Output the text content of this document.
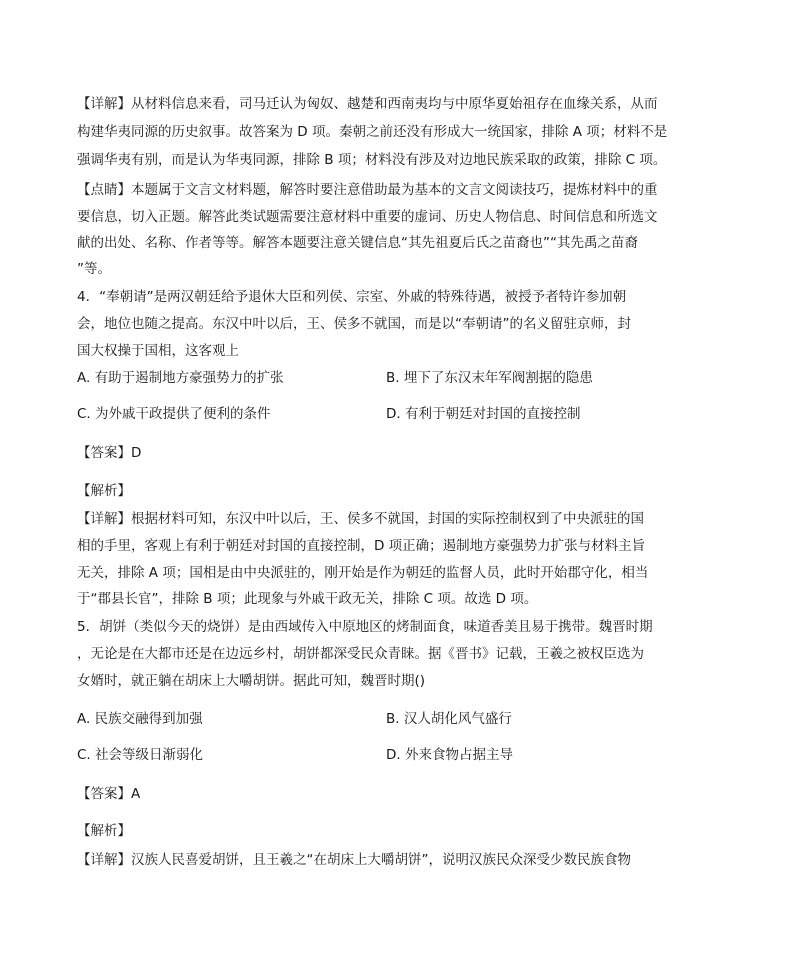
【详解】从材料信息来看，司马迁认为匈奴、越楚和西南夷均与中原华夏始祖存在血缘关系，从而
构建华夷同源的历史叙事。故答案为 D 项。秦朝之前还没有形成大一统国家，排除 A 项；材料不是
强调华夷有别，而是认为华夷同源，排除 B 项；材料没有涉及对边地民族采取的政策，排除 C 项。
【点睛】本题属于文言文材料题，解答时要注意借助最为基本的文言文阅读技巧，提炼材料中的重
要信息，切入正题。解答此类试题需要注意材料中重要的虚词、历史人物信息、时间信息和所选文
献的出处、名称、作者等等。解答本题要注意关键信息“其先祖夏后氏之苗裔也”“其先禹之苗裔
”等。
4．“奉朝请”是两汉朝廷给予退休大臣和列侯、宗室、外戚的特殊待遇，被授予者特许参加朝
会，地位也随之提高。东汉中叶以后，王、侯多不就国，而是以“奉朝请”的名义留驻京师，封
国大权操于国相，这客观上
A. 有助于遏制地方豪强势力的扩张	B. 埋下了东汉末年军阀割据的隐患
C. 为外戚干政提供了便利的条件	D. 有利于朝廷对封国的直接控制
【答案】D
【解析】
【详解】根据材料可知，东汉中叶以后，王、侯多不就国，封国的实际控制权到了中央派驻的国
相的手里，客观上有利于朝廷对封国的直接控制，D 项正确；遏制地方豪强势力扩张与材料主旨
无关，排除 A 项；国相是由中央派驻的，刚开始是作为朝廷的监督人员，此时开始郡守化，相当
于“郡县长官”，排除 B 项；此现象与外戚干政无关，排除 C 项。故选 D 项。
5．胡饼（类似今天的烧饼）是由西域传入中原地区的烤制面食，味道香美且易于携带。魏晋时期
，无论是在大都市还是在边远乡村，胡饼都深受民众青睐。据《晋书》记载，王羲之被权臣选为
女婿时，就正躺在胡床上大嚼胡饼。据此可知，魏晋时期()
A. 民族交融得到加强	B. 汉人胡化风气盛行
C. 社会等级日渐弱化	D. 外来食物占据主导
【答案】A
【解析】
【详解】汉族人民喜爱胡饼，且王羲之“在胡床上大嚼胡饼”，说明汉族民众深受少数民族食物
